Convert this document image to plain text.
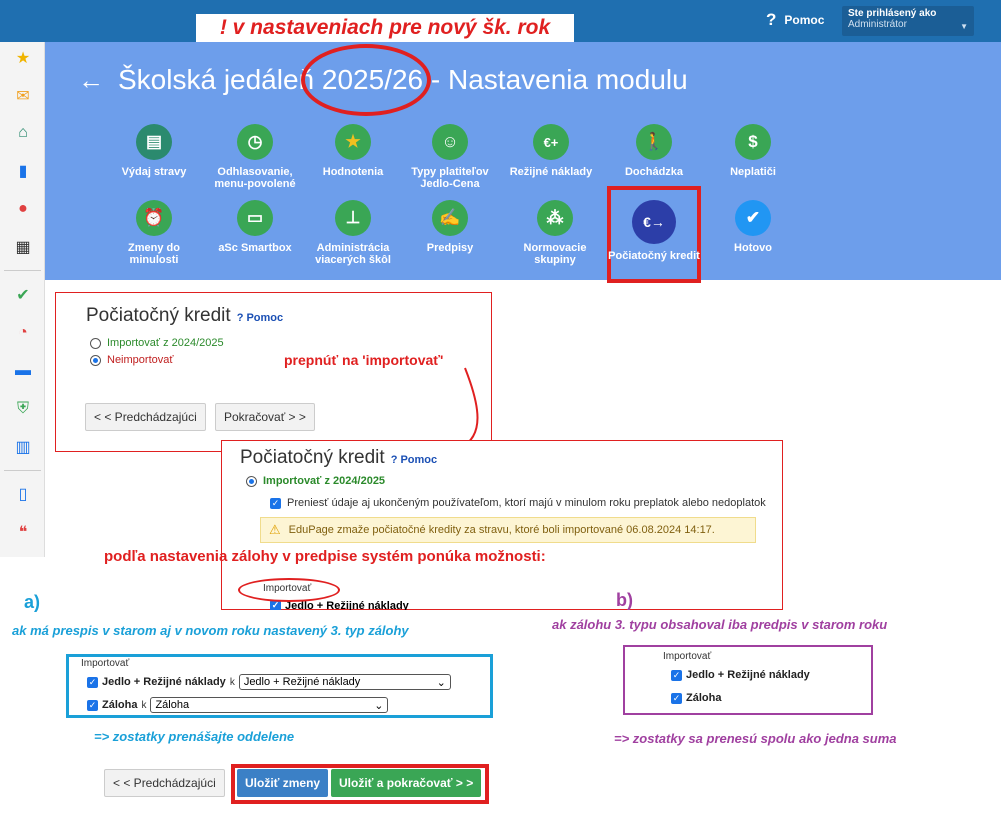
! v nastaveniach pre nový šk. rok	? Pomoc Ste prihlásený ako
Administrátor	▼
★
✉
⌂
▮
●
▦
✔
◔
▬
⛨
▥
▯
❝
← Školská jedáleň 2025/26 - Nastavenia modulu
▤
Výdaj stravy
◷
Odhlasovanie, menu-povolené
★
Hodnotenia
☺
Typy platiteľov Jedlo-Cena
€+
Režijné náklady
🚶
Dochádzka
$
Neplatiči
⏰
Zmeny do minulosti
▭
aSc Smartbox
⊥
Administrácia viacerých škôl
✍
Predpisy
⁂
Normovacie skupiny
€→
Počiatočný kredit
✔
Hotovo
Počiatočný kredit ? Pomoc
Importovať z 2024/2025
Neimportovať
< < Predchádzajúci	Pokračovať > >
prepnúť na 'importovať'
Počiatočný kredit ? Pomoc
Importovať z 2024/2025
✓ Preniesť údaje aj ukončeným používateľom, ktorí majú v minulom roku preplatok alebo nedoplatok
⚠ EduPage zmaže počiatočné kredity za stravu, ktoré boli importované 06.08.2024 14:17.
Importovať
✓ Jedlo + Režijné náklady
podľa nastavenia zálohy v predpise systém ponúka možnosti:
a)
ak má prespis v starom aj v novom roku nastavený 3. typ zálohy
b)
ak zálohu 3. typu obsahoval iba predpis v starom roku
Importovať
✓ Jedlo + Režijné náklady k Jedlo + Režijné náklady	⌄
✓ Záloha k Záloha	⌄
Importovať
✓ Jedlo + Režijné náklady
✓ Záloha
=> zostatky prenášajte oddelene	=> zostatky sa prenesú spolu ako jedna suma
< < Predchádzajúci	Uložiť zmeny	Uložiť a pokračovať > >
